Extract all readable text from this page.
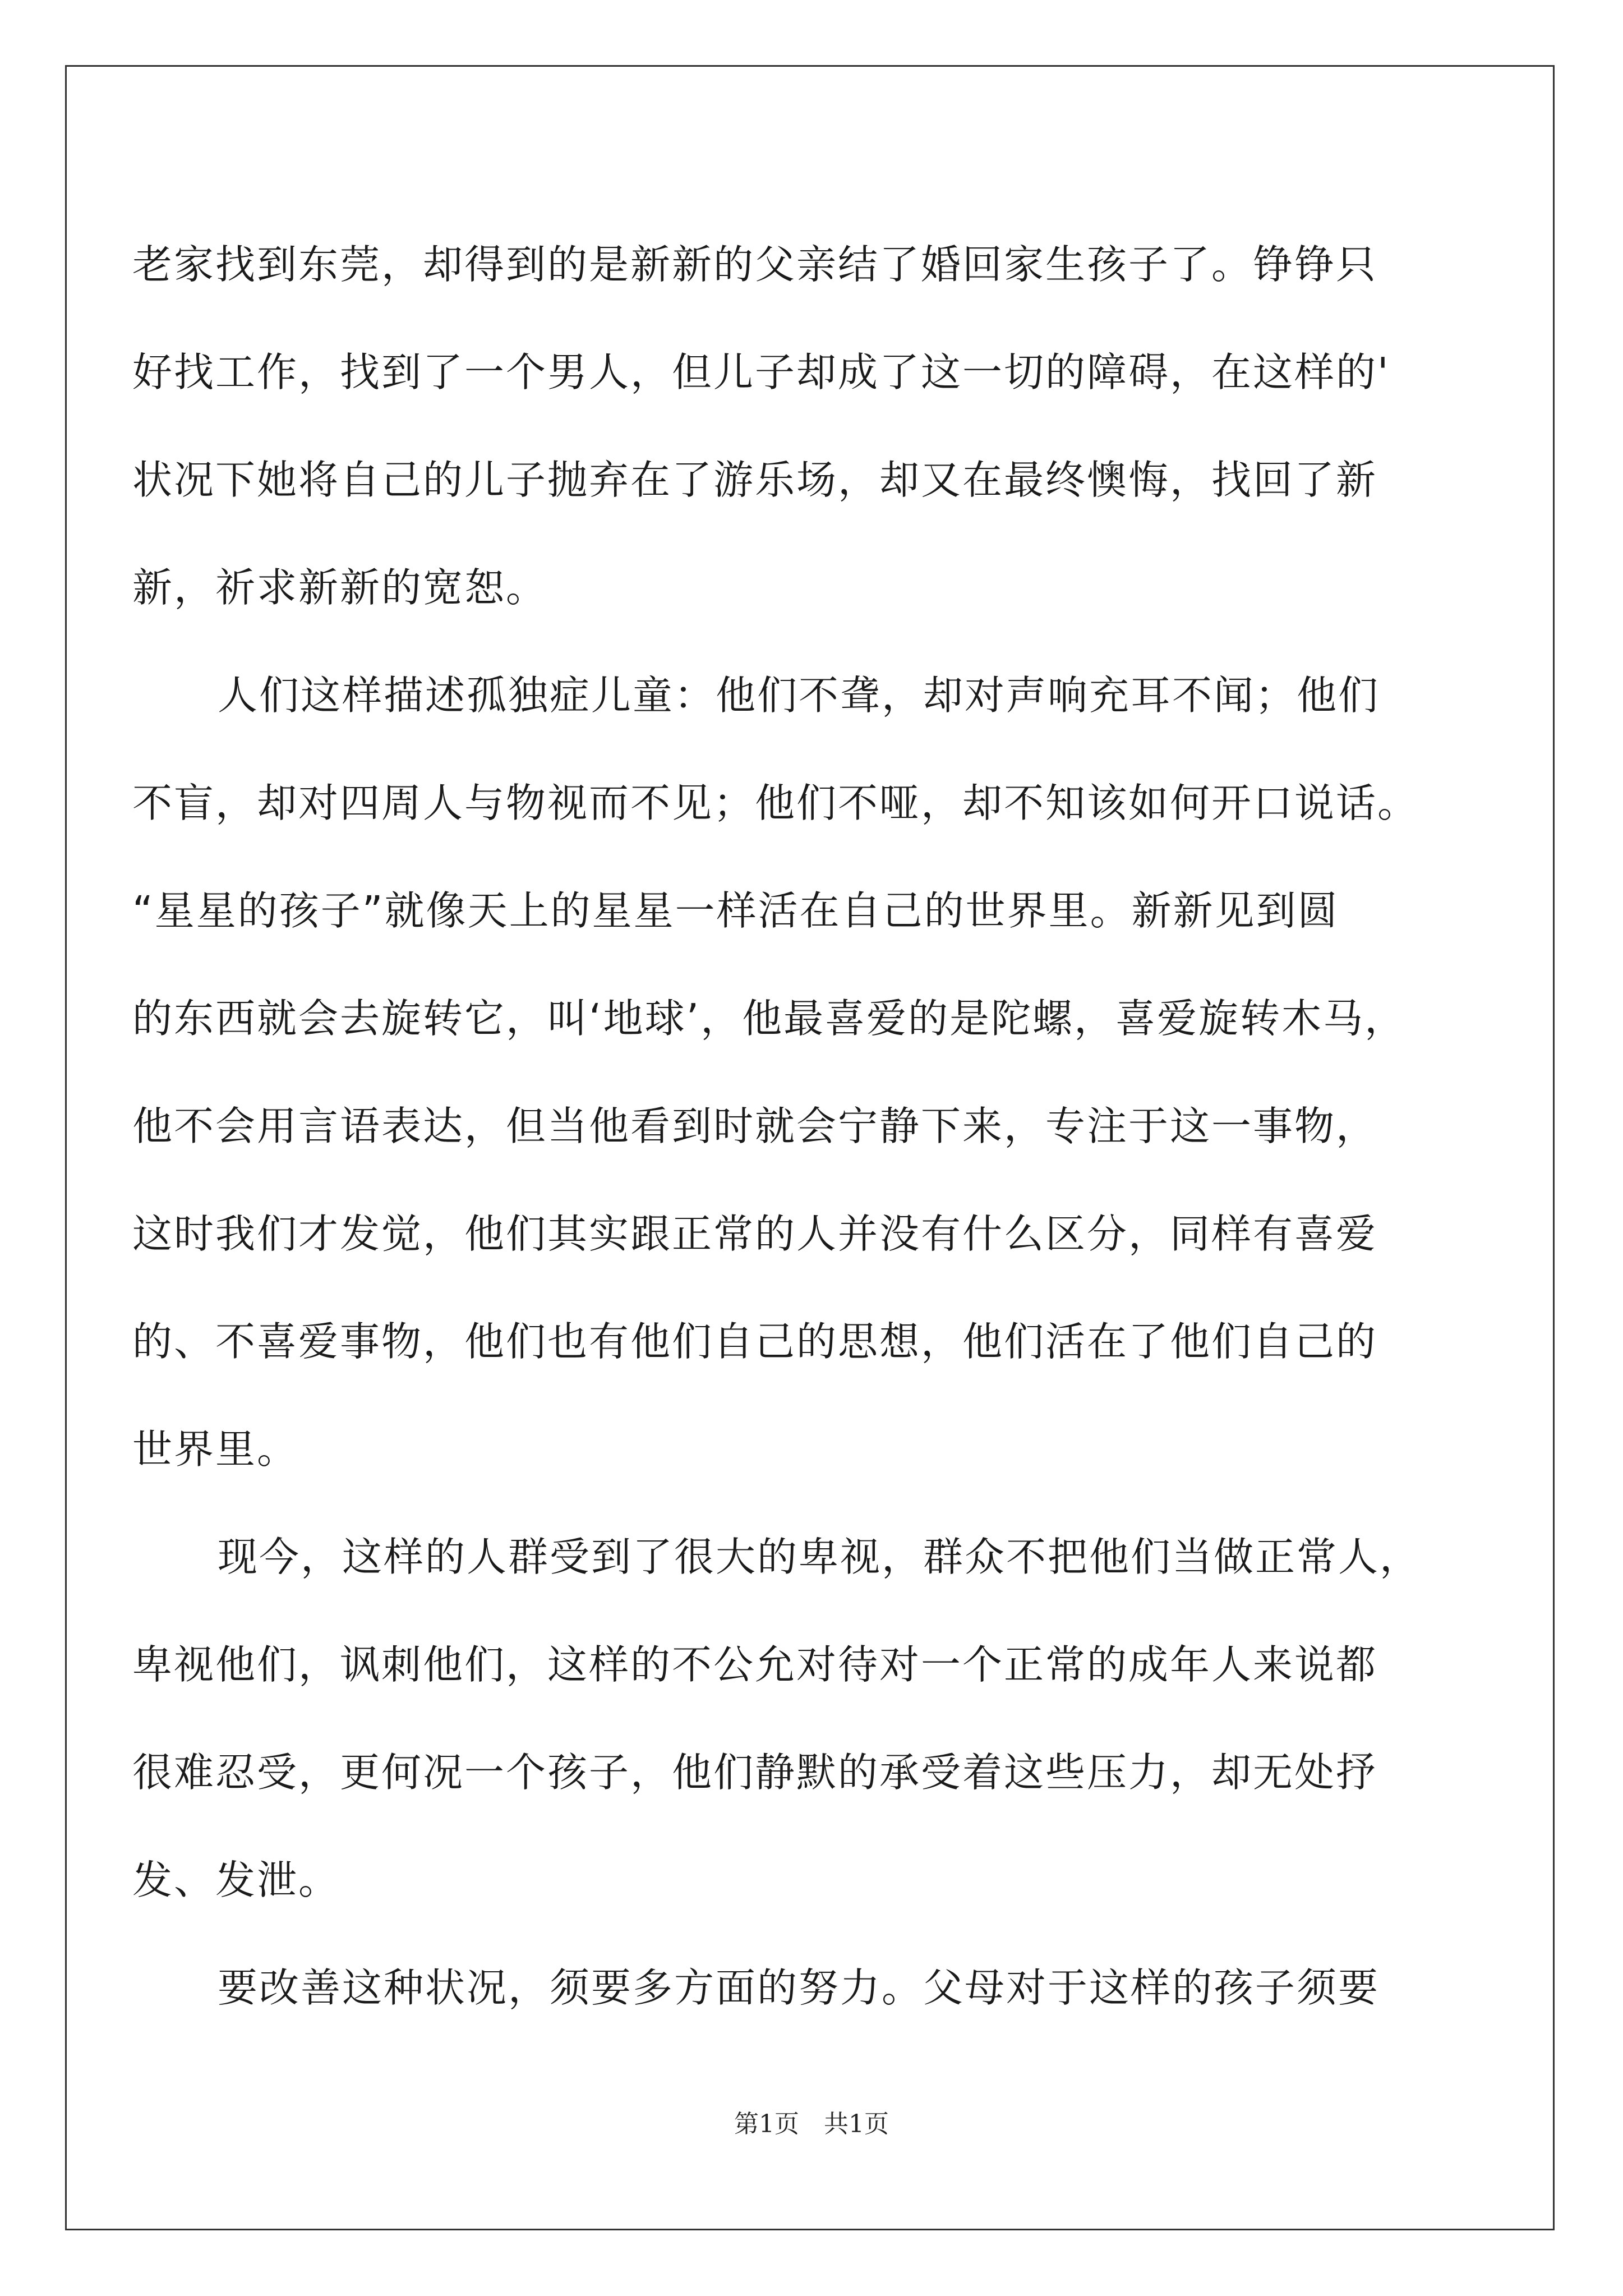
老家找到东莞，却得到的是新新的父亲结了婚回家生孩子了。铮铮只
好找工作，找到了一个男人，但儿子却成了这一切的障碍，在这样的'
状况下她将自己的儿子抛弃在了游乐场，却又在最终懊悔，找回了新
新，祈求新新的宽恕。
人们这样描述孤独症儿童：他们不聋，却对声响充耳不闻；他们
不盲，却对四周人与物视而不见；他们不哑，却不知该如何开口说话。
“星星的孩子”就像天上的星星一样活在自己的世界里。新新见到圆
的东西就会去旋转它，叫‘地球’，他最喜爱的是陀螺，喜爱旋转木马，
他不会用言语表达，但当他看到时就会宁静下来，专注于这一事物，
这时我们才发觉，他们其实跟正常的人并没有什么区分，同样有喜爱
的、不喜爱事物，他们也有他们自己的思想，他们活在了他们自己的
世界里。
现今，这样的人群受到了很大的卑视，群众不把他们当做正常人，
卑视他们，讽刺他们，这样的不公允对待对一个正常的成年人来说都
很难忍受，更何况一个孩子，他们静默的承受着这些压力，却无处抒
发、发泄。
要改善这种状况，须要多方面的努力。父母对于这样的孩子须要
第1页　共1页
